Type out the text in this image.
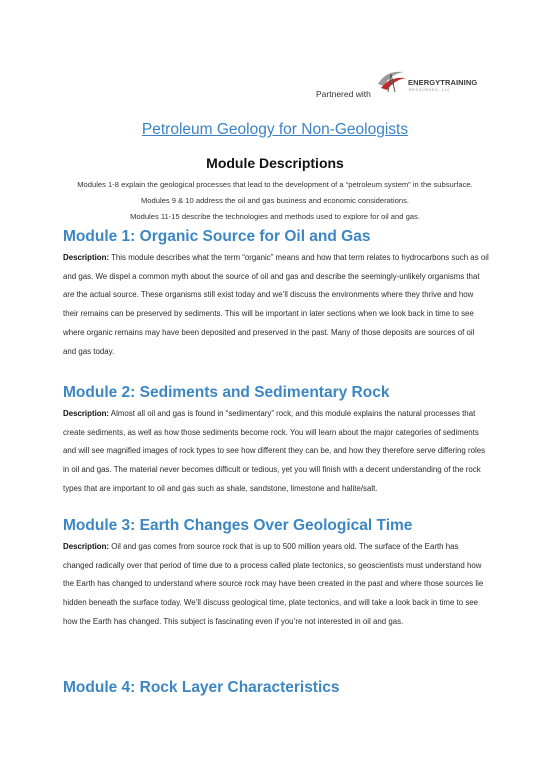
ENERGYTRAINING
RESOURCES, LLC
Partnered with
Petroleum Geology for Non-Geologists
Module Descriptions
Modules 1-8 explain the geological processes that lead to the development of a “petroleum system” in the subsurface.
Modules 9 & 10 address the oil and gas business and economic considerations.
Modules 11-15 describe the technologies and methods used to explore for oil and gas.
Module 1: Organic Source for Oil and Gas
Description: This module describes what the term “organic” means and how that term relates to hydrocarbons such as oil and gas. We dispel a common myth about the source of oil and gas and describe the seemingly-unlikely organisms that are the actual source. These organisms still exist today and we’ll discuss the environments where they thrive and how their remains can be preserved by sediments. This will be important in later sections when we look back in time to see where organic remains may have been deposited and preserved in the past. Many of those deposits are sources of oil and gas today.
Module 2: Sediments and Sedimentary Rock
Description: Almost all oil and gas is found in “sedimentary” rock, and this module explains the natural processes that create sediments, as well as how those sediments become rock. You will learn about the major categories of sediments and will see magnified images of rock types to see how different they can be, and how they therefore serve differing roles in oil and gas. The material never becomes difficult or tedious, yet you will finish with a decent understanding of the rock types that are important to oil and gas such as shale, sandstone, limestone and halite/salt.
Module 3: Earth Changes Over Geological Time
Description: Oil and gas comes from source rock that is up to 500 million years old. The surface of the Earth has changed radically over that period of time due to a process called plate tectonics, so geoscientists must understand how the Earth has changed to understand where source rock may have been created in the past and where those sources lie hidden beneath the surface today. We’ll discuss geological time, plate tectonics, and will take a look back in time to see how the Earth has changed. This subject is fascinating even if you’re not interested in oil and gas.
Module 4: Rock Layer Characteristics
